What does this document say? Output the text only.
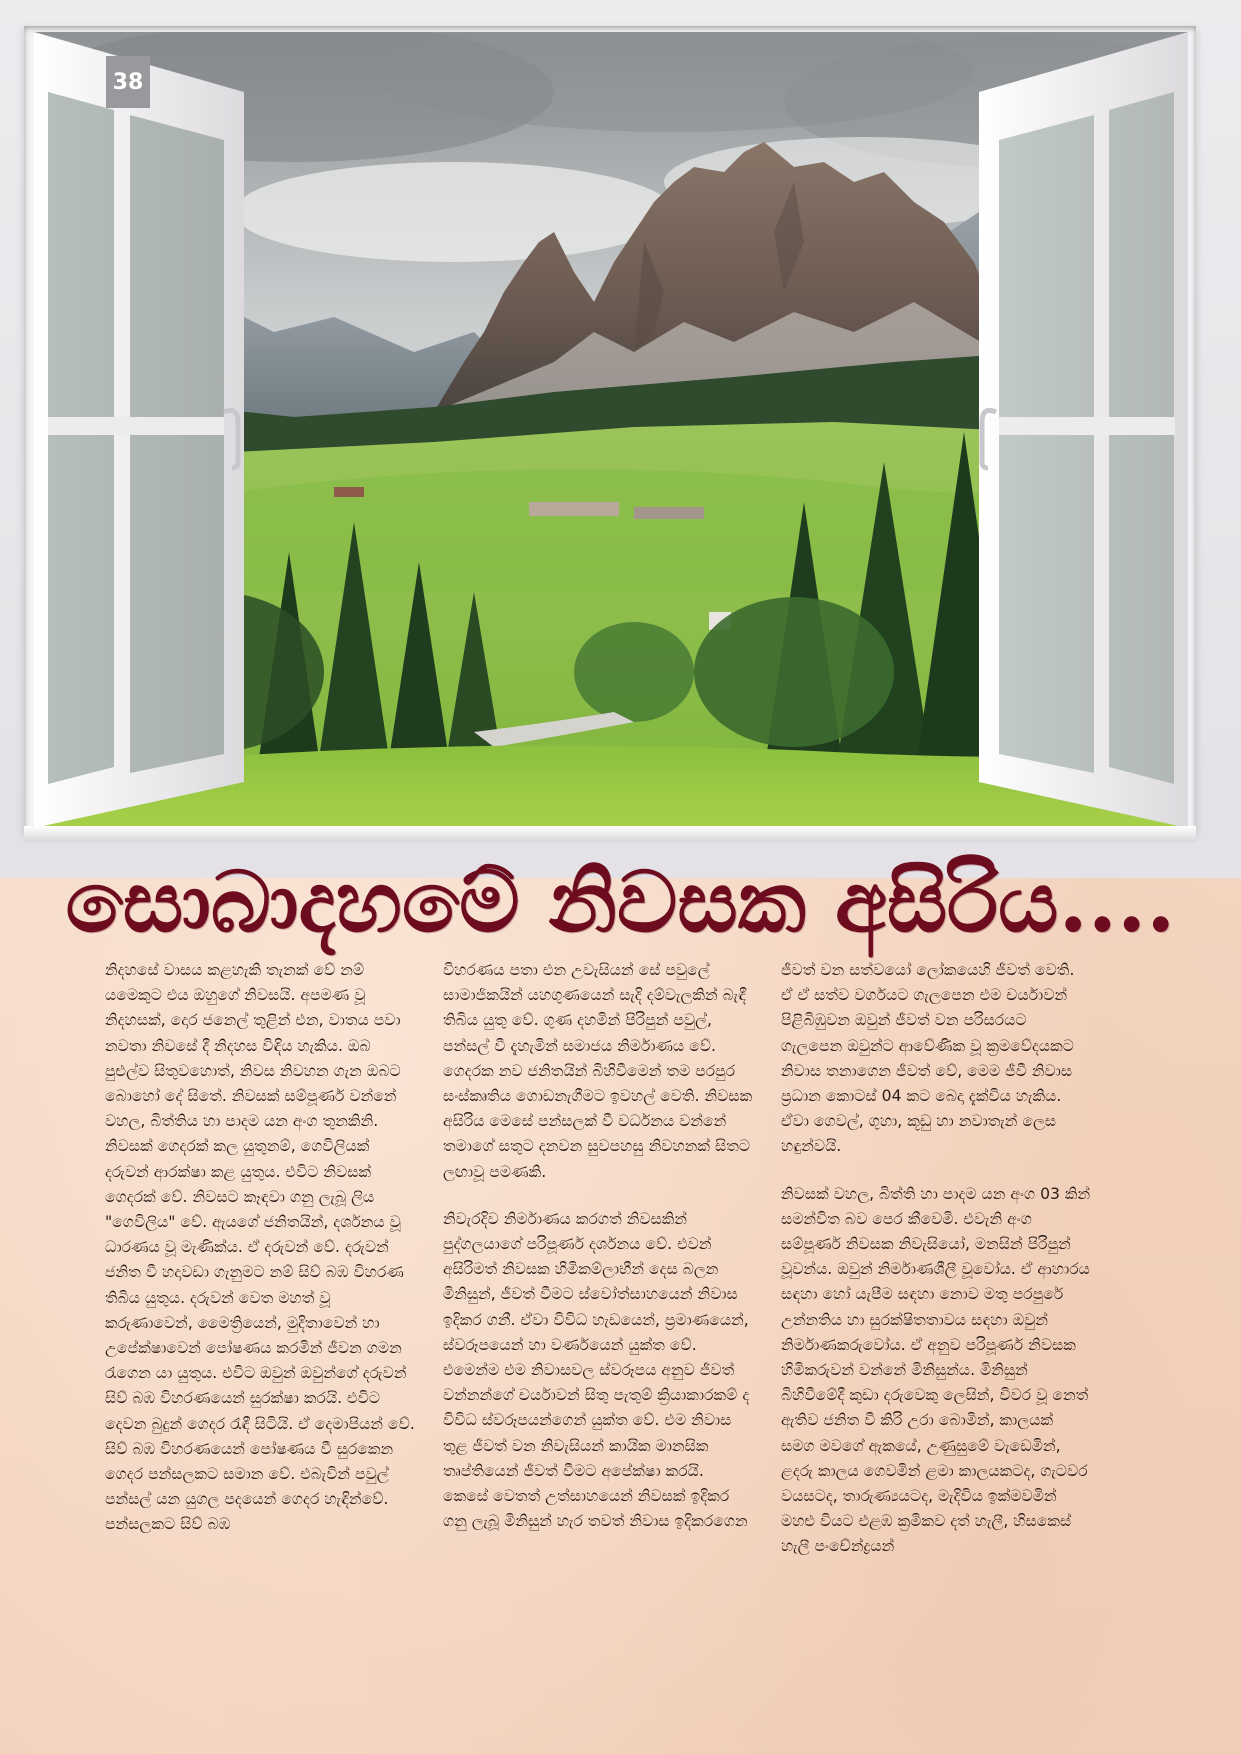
38
සොබාදහමේ නිවසක අසිරිය....

නිදහසේ වාසය කළහැකි තැනක් වේ නම් යමෙකුට එය ඔහුගේ නිවසයි. අපමණ වූ නිදහසක්, දොර ජනෙල් තුළින් එන, වාතය පවා නවතා නිවසේ දී නිදහස විඳිය හැකිය. ඔබ පුළුල්ව සිතුවහොත්, නිවස නිවහන ගැන ඔබට බොහෝ දේ සිතේ. නිවසක් සම්පූර්ණ වන්නේ වහල, බිත්තිය හා පාදම යන අංග තුනකිනි. නිවසක් ගෙදරක් කල යුතුනම්, ගෙවිලියක් දරුවන් ආරක්ෂා කළ යුතුය. එවිට නිවසක් ගෙදරක් වේ. නිවසට කෑඳවා ගනු ලැබූ ලිය "ගෙවිලිය" වේ. ඇයගේ ජනිතයින්, දර්ශනය වූ ධාරණය වූ මැණික්ය. ඒ දරුවන් වේ. දරුවන් ජනිත වී හදාවඩා ගැනුමට නම් සිව් බඹ විහරණ තිබිය යුතුය. දරුවන් වෙත මහත් වූ කරුණාවෙන්, මෛත්‍රියෙන්, මුදිතාවෙන් හා උපේක්ෂාවෙන් පෝෂණය කරමින් ජීවන ගමන රැගෙන යා යුතුය. එවිට ඔවුන් ඔවුන්ගේ දරුවන් සිව් බඹ විහරණයෙන් සුරක්ෂා කරයි. එවිට දෙවන බුදුන් ගෙදර රැඳී සිටියි. ඒ දෙමාපියන් වේ. සිව් බඹ විහරණයෙන් පෝෂණය වී සුරකෙන ගෙදර පන්සලකට සමාන වේ. එබැවින් පවුල් පන්සල් යන යුගල පදයෙන් ගෙදර හැඳින්වේ. පන්සලකට සිව් බඹ

විහරණය පතා එන උවැසියන් සේ පවුලේ සාමාජිකයින් යහගුණයෙන් සැදි දම්වැලකින් බැඳී තිබිය යුතු වේ. ගුණ දහමින් පිරිපුන් පවුල්, පන්සල් වී දැහැමින් සමාජය නිර්මාණය වේ. ගෙදරක නව ජනිතයින් බිහිවීමෙන් තම පරපුර සංස්කෘතිය ගොඩනැගීමට ඉවහල් වෙති. නිවසක අසිරිය මෙසේ පන්සලක් වී වර්ධනය වන්නේ තමාගේ සතුට දනවන සුවපහසු නිවහනක් සිතට ලඟාවූ පමණකි.

නිවැරදිව නිර්මාණය කරගත් නිවසකින් පුද්ගලයාගේ පරිපූර්ණ දර්ශනය වේ. එවන් අසිරිමත් නිවසක හිමිකම්ලාභීන් දෙස බලන මිනිසුන්, ජීවත් වීමට ස්වෝත්සාහයෙන් නිවාස ඉදිකර ගනී. ඒවා විවිධ හැඩයෙන්, ප්‍රමාණයෙන්, ස්වරූපයෙන් හා වර්ණයෙන් යුක්ත වේ. එමෙන්ම එම නිවාසවල ස්වරූපය අනුව ජීවත් වන්නන්ගේ චර්යාවන් සිතු පැතුම් ක්‍රියාකාරකම් ද විවිධ ස්වරූපයන්ගෙන් යුක්ත වේ. එම නිවාස තුළ ජීවත් වන නිවැසියන් කායික මානසික තෘප්තියෙන් ජීවත් වීමට අපේක්ෂා කරයි. කෙසේ වෙතත් උත්සාහයෙන් නිවසක් ඉදිකර ගනු ලැබූ මිනිසුන් හැර තවත් නිවාස ඉදිකරගෙන

ජීවත් වන සත්වයෝ ලෝකයෙහි ජීවත් වෙති. ඒ ඒ සත්ව වර්ගයට ගැලපෙන එම චර්යාවන් පිළිබිඹුවන ඔවුන් ජීවත් වන පරිසරයට ගැලපෙන ඔවුන්ට ආවේණික වූ ක්‍රමවේදයකට නිවාස තනාගෙන ජීවත් වේ, මෙම ජීවී නිවාස ප්‍රධාන කොටස් 04 කට බෙදා දැක්විය හැකිය. ඒවා ගෙවල්, ගුහා, කූඩු හා නවාතැන් ලෙස හඳුන්වයි.

නිවසක් වහල, බිත්ති හා පාදම යන අංග 03 කින් සමන්විත බව පෙර කීවෙමි. එවැනි අංග සම්පූර්ණ නිවසක නිවැසියෝ, මනසින් පිරිපුන් වූවන්ය. ඔවුන් නිර්මාණශීලී වූවෝය. ඒ ආහාරය සඳහා හෝ යැපීම සඳහා නොව මතු පරපුරේ උන්නතිය හා සුරක්ෂිතතාවය සඳහා ඔවුන් නිර්මාණකරුවෝය. ඒ අනුව පරිපූර්ණ නිවසක හිමිකරුවන් වන්නේ මිනිසුන්ය. මිනිසුන් බිහිවීමේදී කුඩා දරුවෙකු ලෙසින්, විවර වූ නෙත් ඇතිව ජනිත වී කිරි උරා බොමින්, කාලයක් සමග මවගේ ඇකයේ, උණුසුමේ වැඩෙමින්, ළදරු කාලය ගෙවමින් ළමා කාලයකටද, ගැටවර වයසටද, තාරුණ්‍යයටද, මැදිවිය ඉක්මවමින් මහළු වියට එළඹ ක්‍රමිකව දත් හැලී, හිසකෙස් හැලී පංචේන්ද්‍රයන්
